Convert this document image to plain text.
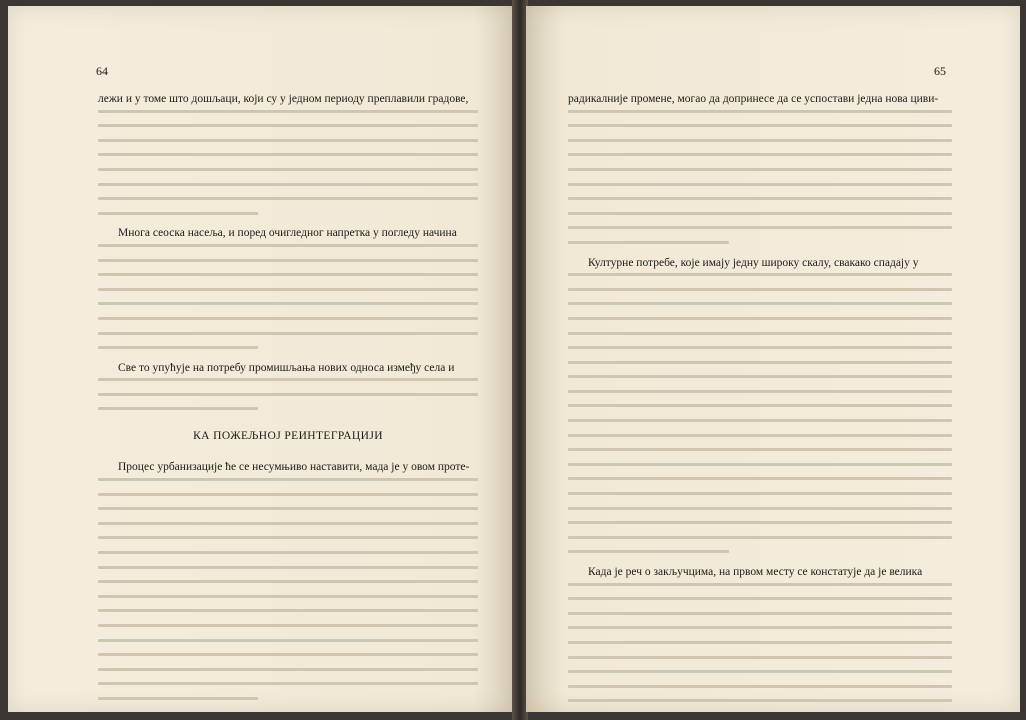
64
лежи и у томе што дошљаци, који су у једном периоду преплавили градове,
Многа сеоска насеља, и поред очигледног напретка у погледу начина
Све то упућује на потребу промишљања нових односа између села и
КА ПОЖЕЉНОЈ РЕИНТЕГРАЦИЈИ
Процес урбанизације ће се несумњиво наставити, мада је у овом проте-
65
радикалније промене, могао да допринесе да се успостави једна нова циви-
Културне потребе, које имају једну широку скалу, свакако спадају у
Када је реч о закључцима, на првом месту се констатује да је велика
